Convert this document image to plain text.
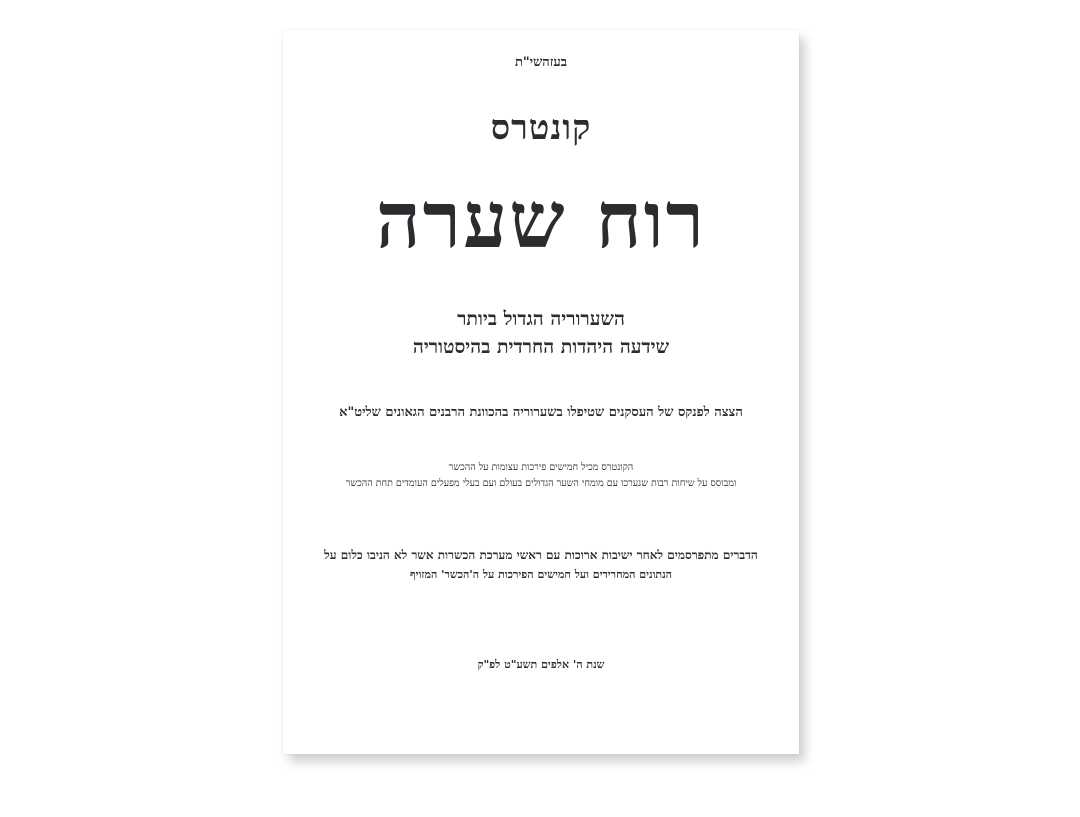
בעזהשי"ת
קונטרס
רוח שערה
השערוריה הגדול ביותר
שידעה היהדות החרדית בהיסטוריה
הצצה לפנקס של העסקנים שטיפלו בשערוריה בהכוונת הרבנים הגאונים שליט"א
הקונטרס מכיל חמישים פירכות עצומות על ההכשר
ומבוסס על שיחות רבות שנערכו עם מומחי השער הגדולים בעולם ועם בעלי מפעלים העומדים תחת ההכשר
הדברים מתפרסמים לאחר ישיבות ארוכות עם ראשי מערכת הכשרות אשר לא הניבו כלום על
הנתונים המחרידים ועל חמישים הפירכות על ה'הכשר' המזויף
שנת ה' אלפים תשע"ט לפ"ק
